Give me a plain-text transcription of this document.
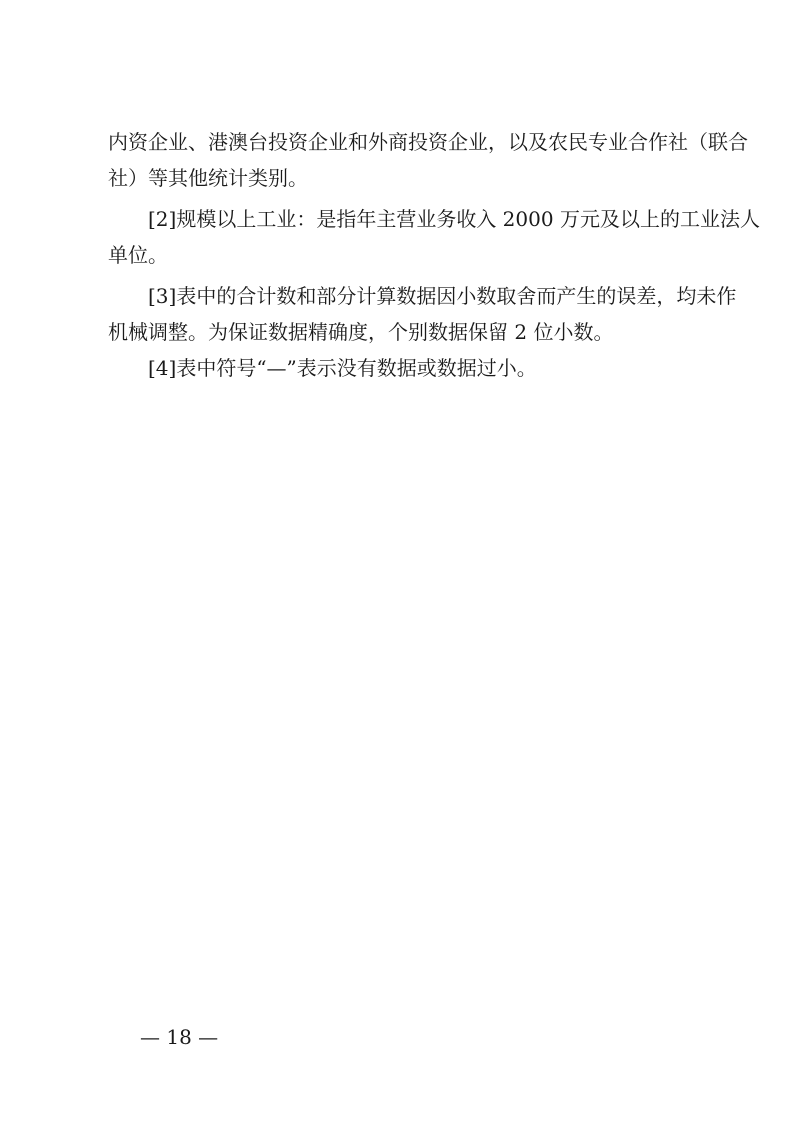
内资企业、港澳台投资企业和外商投资企业，以及农民专业合作社（联合
社）等其他统计类别。
[2]规模以上工业：是指年主营业务收入 2000 万元及以上的工业法人
单位。
[3]表中的合计数和部分计算数据因小数取舍而产生的误差，均未作
机械调整。为保证数据精确度，个别数据保留 2 位小数。
[4]表中符号“—”表示没有数据或数据过小。
— 18 —
